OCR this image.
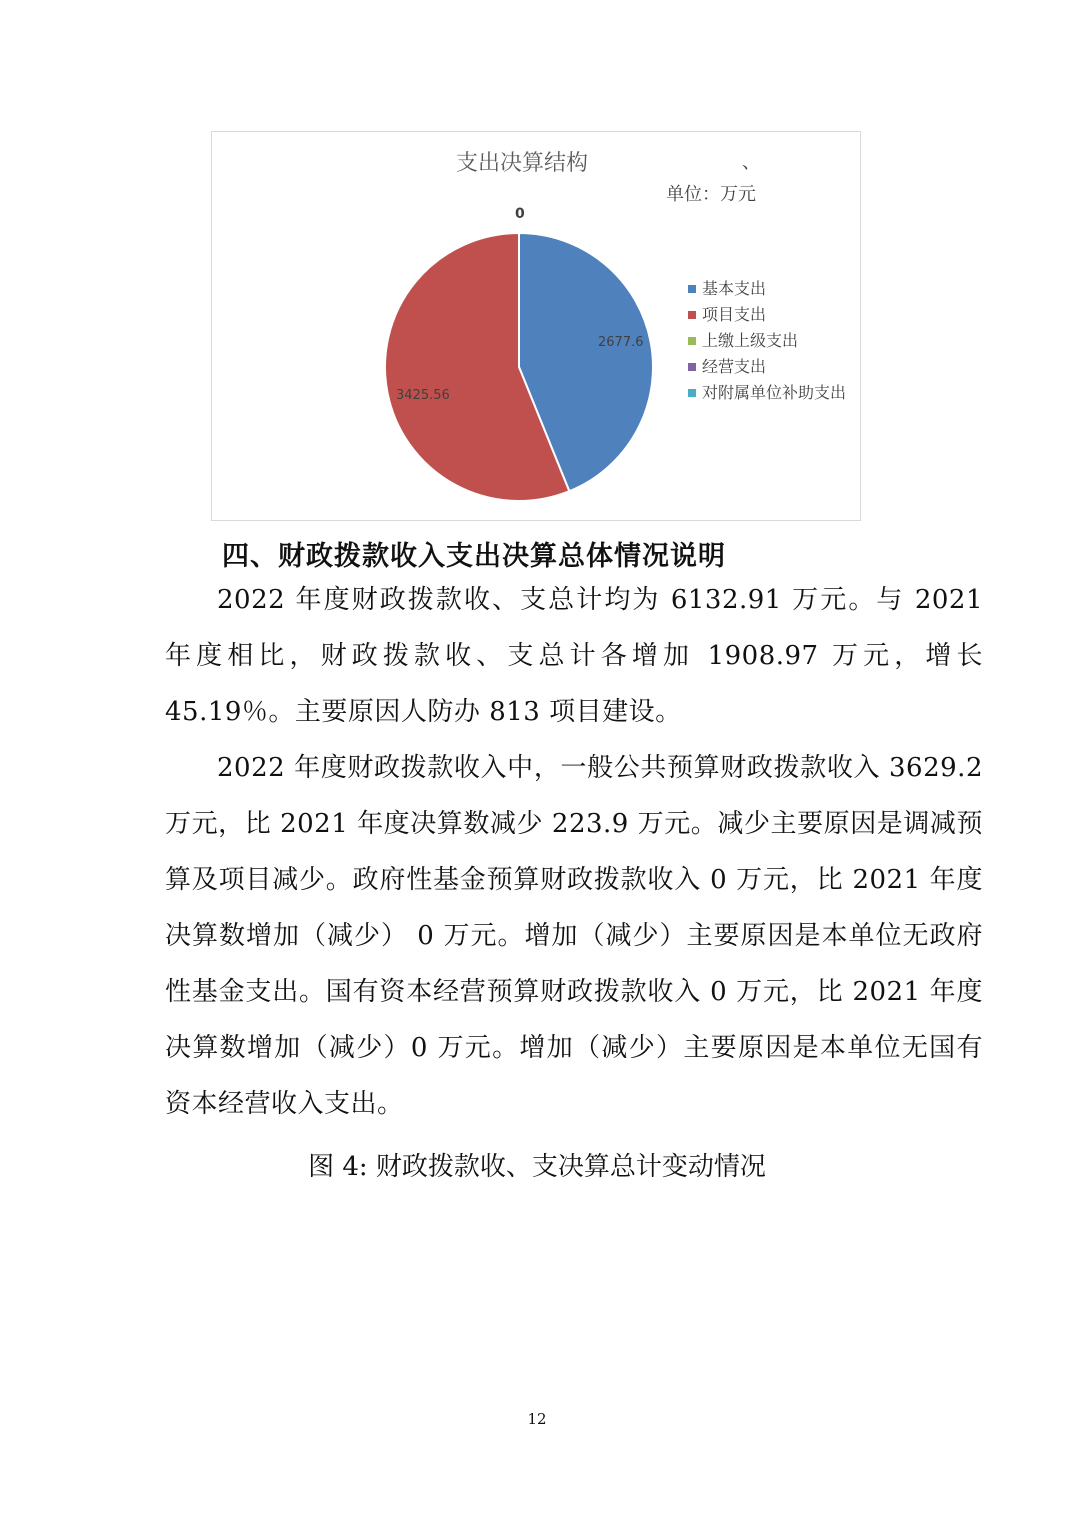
支出决算结构	、
单位：万元
2677.6
3425.56
0
基本支出
项目支出
上缴上级支出
经营支出
对附属单位补助支出
四、财政拨款收入支出决算总体情况说明

2022 年度财政拨款收、支总计均为 6132.91 万元。与 2021 年度相比，财政拨款收、支总计各增加 1908.97 万元，增长 45.19％。主要原因人防办 813 项目建设。

2022 年度财政拨款收入中，一般公共预算财政拨款收入 3629.2 万元，比 2021 年度决算数减少 223.9 万元。减少主要原因是调减预算及项目减少。政府性基金预算财政拨款收入 0 万元，比 2021 年度决算数增加（减少） 0 万元。增加（减少）主要原因是本单位无政府性基金支出。国有资本经营预算财政拨款收入 0 万元，比 2021 年度决算数增加（减少）0 万元。增加（减少）主要原因是本单位无国有资本经营收入支出。

图 4: 财政拨款收、支决算总计变动情况

12
